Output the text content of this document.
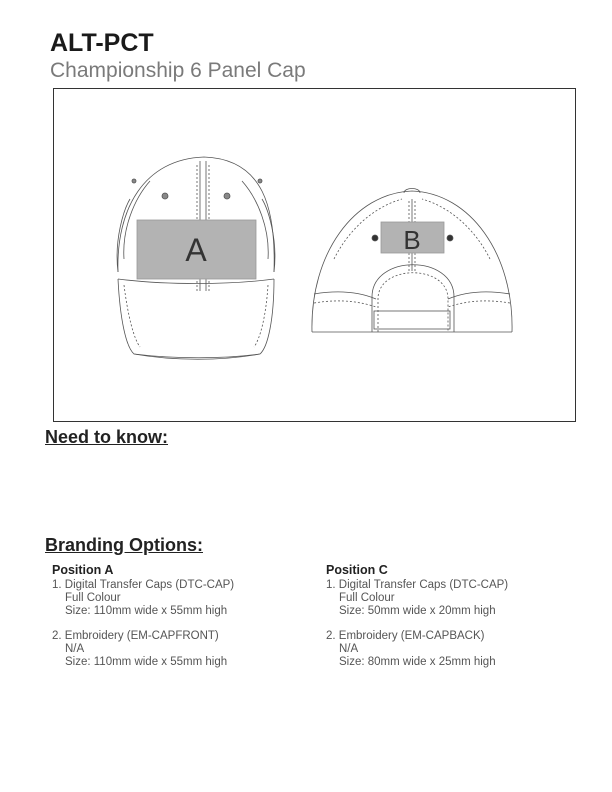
ALT-PCT
Championship 6 Panel Cap
A	B
Need to know:
Branding Options:
Position A
1. Digital Transfer Caps (DTC-CAP)
Full Colour
Size: 110mm wide x 55mm high
2. Embroidery (EM-CAPFRONT)
N/A
Size: 110mm wide x 55mm high
Position C
1. Digital Transfer Caps (DTC-CAP)
Full Colour
Size: 50mm wide x 20mm high
2. Embroidery (EM-CAPBACK)
N/A
Size: 80mm wide x 25mm high
